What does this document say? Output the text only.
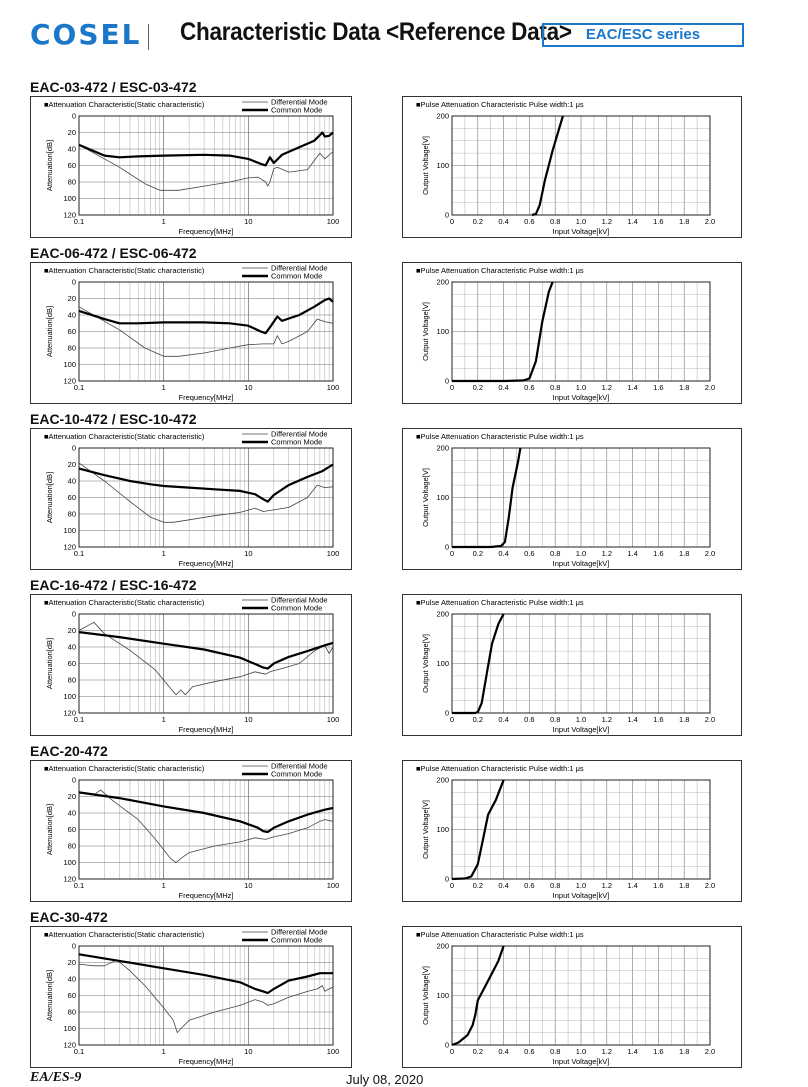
COSEL Characteristic Data <Reference Data> EAC/ESC series
EAC-03-472 / ESC-03-472
■Attenuation Characteristic(Static characteristic)
0.1	1	10	100
0
20
40
60
80
100
120
Frequency[MHz]
Attenuation[dB]
Differential Mode
Common Mode
■Pulse Attenuation Characteristic Pulse width:1 μs
0 0.2 0.4 0.6 0.8 1.0 1.2 1.4 1.6 1.8 2.0
0
100
200
Input Voltage[kV]
Output Voltage[V]
EAC-06-472 / ESC-06-472
■Attenuation Characteristic(Static characteristic)
0.1	1	10	100
0
20
40
60
80
100
120
Frequency[MHz]
Attenuation[dB]
Differential Mode
Common Mode
■Pulse Attenuation Characteristic Pulse width:1 μs
0 0.2 0.4 0.6 0.8 1.0 1.2 1.4 1.6 1.8 2.0
0
100
200
Input Voltage[kV]
Output Voltage[V]
EAC-10-472 / ESC-10-472
■Attenuation Characteristic(Static characteristic)
0.1	1	10	100
0
20
40
60
80
100
120
Frequency[MHz]
Attenuation[dB]
Differential Mode
Common Mode
■Pulse Attenuation Characteristic Pulse width:1 μs
0 0.2 0.4 0.6 0.8 1.0 1.2 1.4 1.6 1.8 2.0
0
100
200
Input Voltage[kV]
Output Voltage[V]
EAC-16-472 / ESC-16-472
■Attenuation Characteristic(Static characteristic)
0.1	1	10	100
0
20
40
60
80
100
120
Frequency[MHz]
Attenuation[dB]
Differential Mode
Common Mode
■Pulse Attenuation Characteristic Pulse width:1 μs
0 0.2 0.4 0.6 0.8 1.0 1.2 1.4 1.6 1.8 2.0
0
100
200
Input Voltage[kV]
Output Voltage[V]
EAC-20-472
■Attenuation Characteristic(Static characteristic)
0.1	1	10	100
0
20
40
60
80
100
120
Frequency[MHz]
Attenuation[dB]
Differential Mode
Common Mode
■Pulse Attenuation Characteristic Pulse width:1 μs
0 0.2 0.4 0.6 0.8 1.0 1.2 1.4 1.6 1.8 2.0
0
100
200
Input Voltage[kV]
Output Voltage[V]
EAC-30-472
■Attenuation Characteristic(Static characteristic)
0.1	1	10	100
0
20
40
60
80
100
120
Frequency[MHz]
Attenuation[dB]
Differential Mode
Common Mode
■Pulse Attenuation Characteristic Pulse width:1 μs
0 0.2 0.4 0.6 0.8 1.0 1.2 1.4 1.6 1.8 2.0
0
100
200
Input Voltage[kV]
Output Voltage[V]
EA/ES-9	July 08, 2020
